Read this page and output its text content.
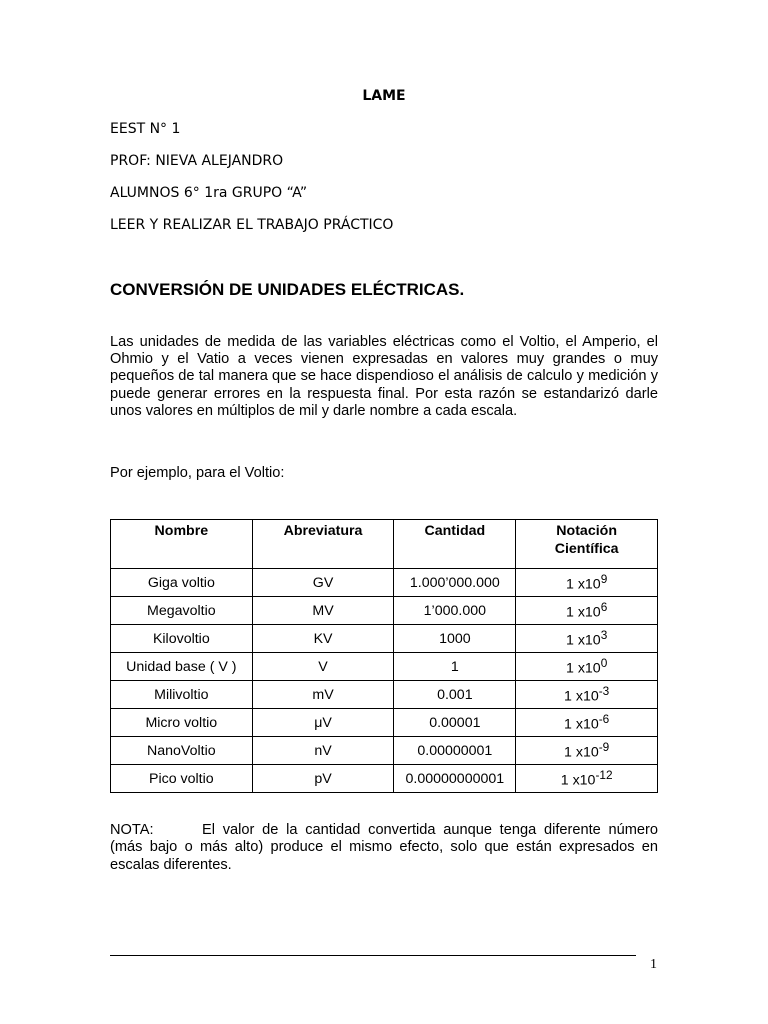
LAME
EEST N° 1
PROF: NIEVA ALEJANDRO
ALUMNOS 6° 1ra GRUPO “A”
LEER Y REALIZAR EL TRABAJO PRÁCTICO
CONVERSIÓN DE UNIDADES ELÉCTRICAS.
Las unidades de medida de las variables eléctricas como el Voltio, el Amperio, el Ohmio y el Vatio a veces vienen expresadas en valores muy grandes o muy pequeños de tal manera que se hace dispendioso el análisis de calculo y medición y puede generar errores en la respuesta final. Por esta razón se estandarizó darle unos valores en múltiplos de mil y darle nombre a cada escala.
Por ejemplo, para el Voltio:
Nombre	Abreviatura	Cantidad	Notación
Científica
Giga voltio	GV	1.000’000.000	1 $x10^9$
Megavoltio	MV	1’000.000	1 $x10^6$
Kilovoltio	KV	1000	1 $x10^3$
Unidad base ( V )	V	1	1 $x10^0$
Milivoltio	mV	0.001	1 $x10^{-3}$
Micro voltio	μV	0.00001	1 $x10^{-6}$
NanoVoltio	nV	0.00000001	1 $x10^{-9}$
Pico voltio	pV	0.00000000001	1 $x10^{-12}$
NOTA:	El valor de la cantidad convertida aunque tenga diferente número (más bajo o más alto) produce el mismo efecto, solo que están expresados en escalas diferentes.
1
